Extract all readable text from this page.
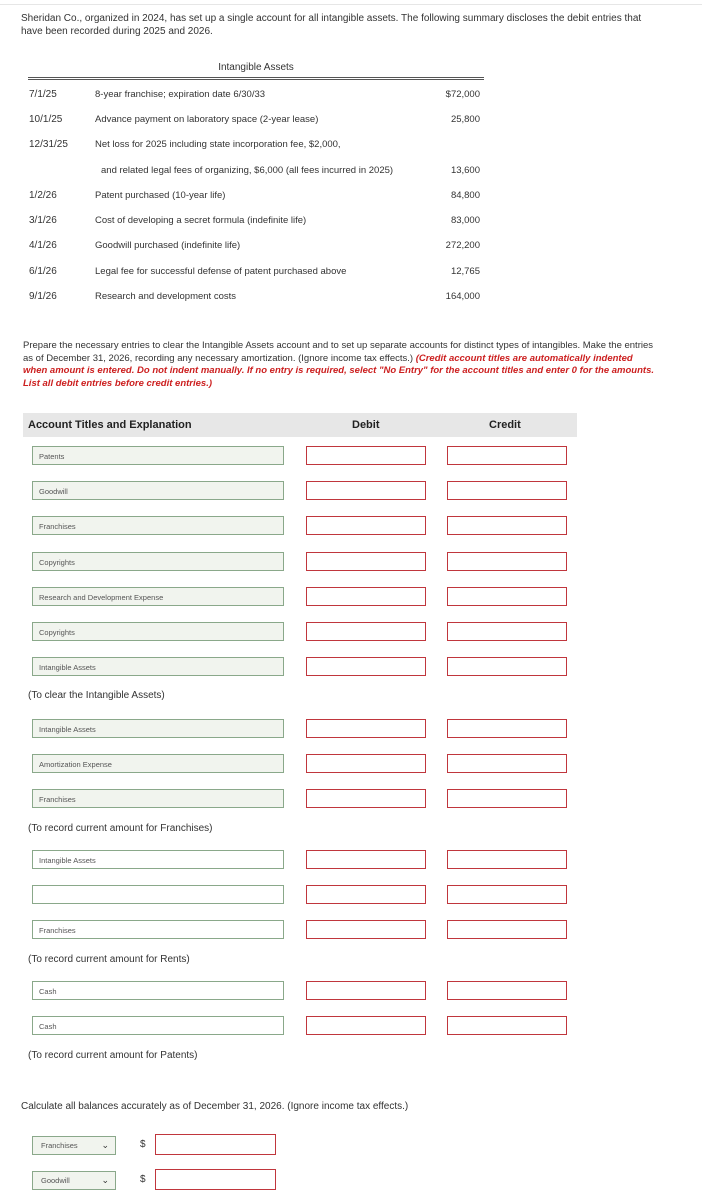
Sheridan Co., organized in 2024, has set up a single account for all intangible assets. The following summary discloses the debit entries that have been recorded during 2025 and 2026.
Intangible Assets
7/1/25	8-year franchise; expiration date 6/30/33	$72,000
10/1/25	Advance payment on laboratory space (2-year lease)	25,800
12/31/25	Net loss for 2025 including state incorporation fee, $2,000,
and related legal fees of organizing, $6,000 (all fees incurred in 2025)	13,600
1/2/26	Patent purchased (10-year life)	84,800
3/1/26	Cost of developing a secret formula (indefinite life)	83,000
4/1/26	Goodwill purchased (indefinite life)	272,200
6/1/26	Legal fee for successful defense of patent purchased above	12,765
9/1/26	Research and development costs	164,000
Prepare the necessary entries to clear the Intangible Assets account and to set up separate accounts for distinct types of intangibles. Make the entries as of December 31, 2026, recording any necessary amortization. (Ignore income tax effects.) (Credit account titles are automatically indented when amount is entered. Do not indent manually. If no entry is required, select "No Entry" for the account titles and enter 0 for the amounts. List all debit entries before credit entries.)
Account Titles and Explanation	Debit	Credit
Patents
Goodwill
Franchises
Copyrights
Research and Development Expense
Copyrights
Intangible Assets
(To clear the Intangible Assets)
Intangible Assets
Amortization Expense
Franchises
(To record current amount for Franchises)
Intangible Assets
Franchises
(To record current amount for Rents)
Cash
Cash
(To record current amount for Patents)
Calculate all balances accurately as of December 31, 2026. (Ignore income tax effects.)
Franchises	⌄	$
Goodwill	⌄	$
